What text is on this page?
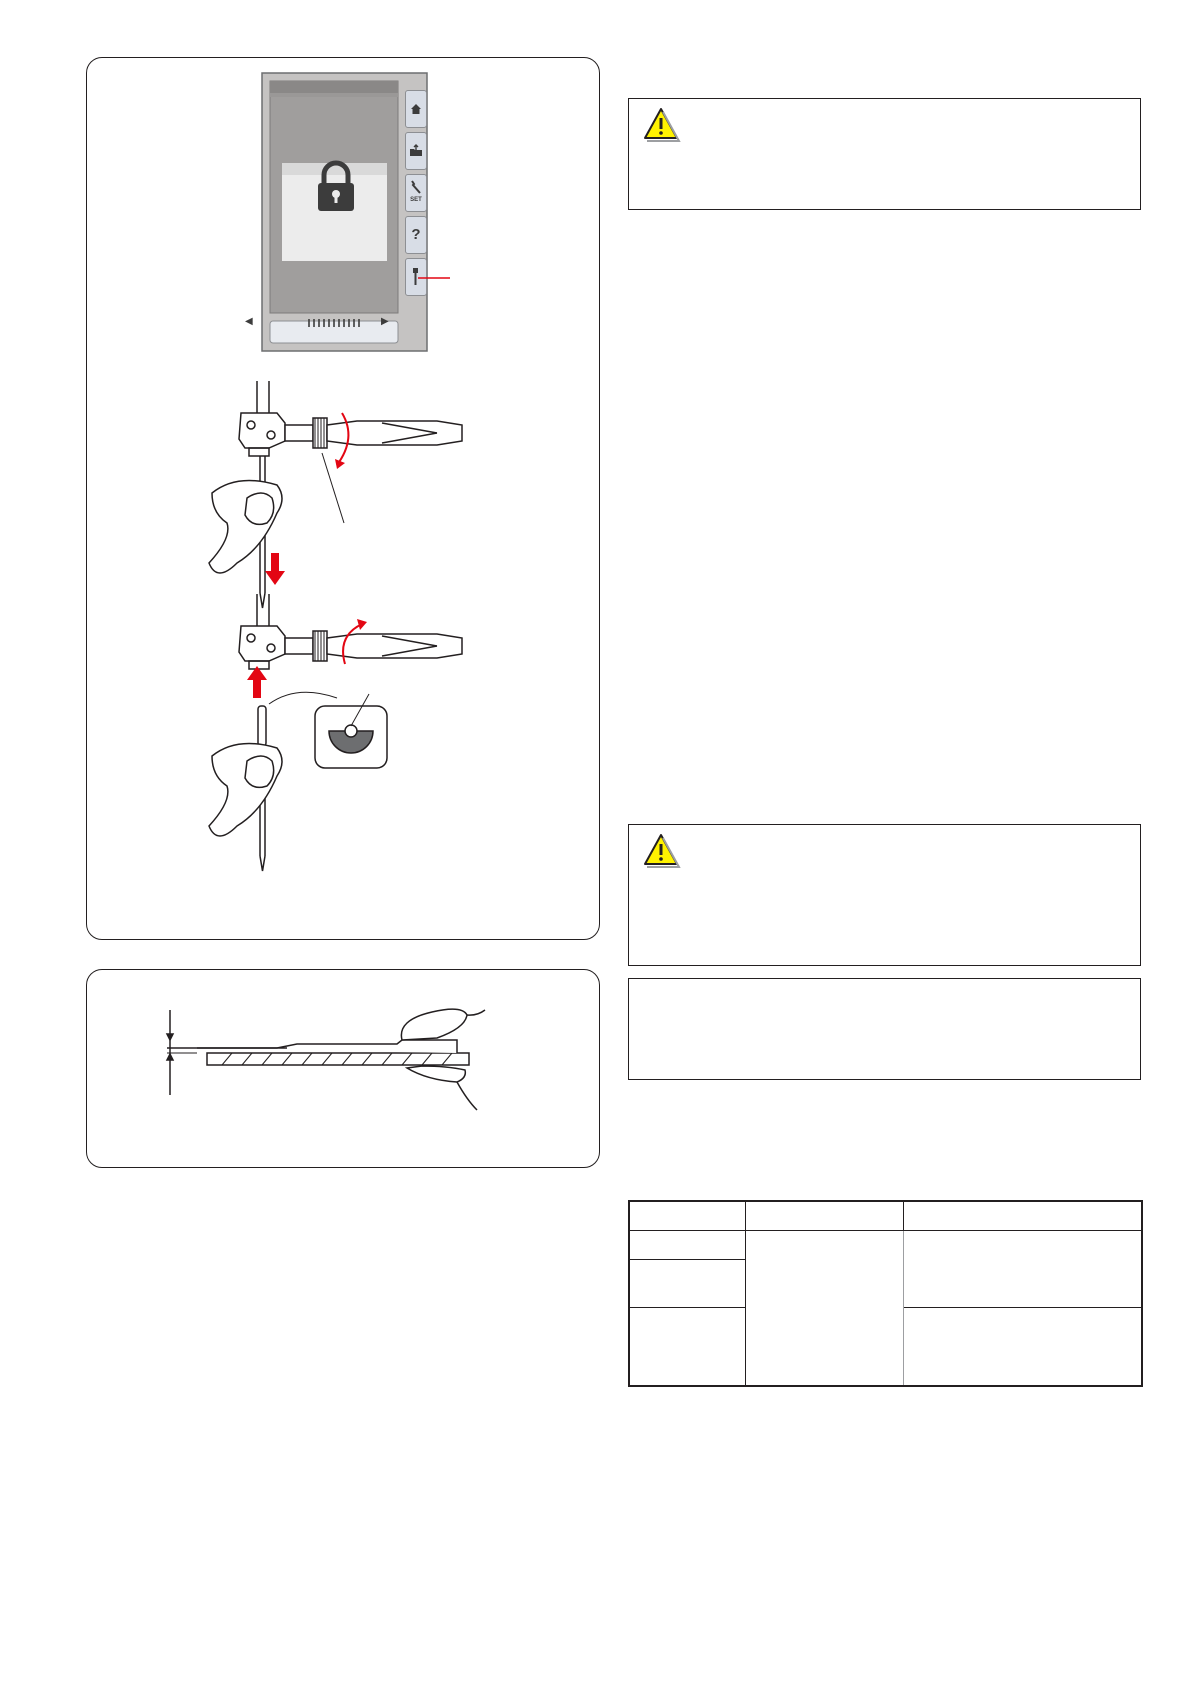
SET
?
◀	▶
